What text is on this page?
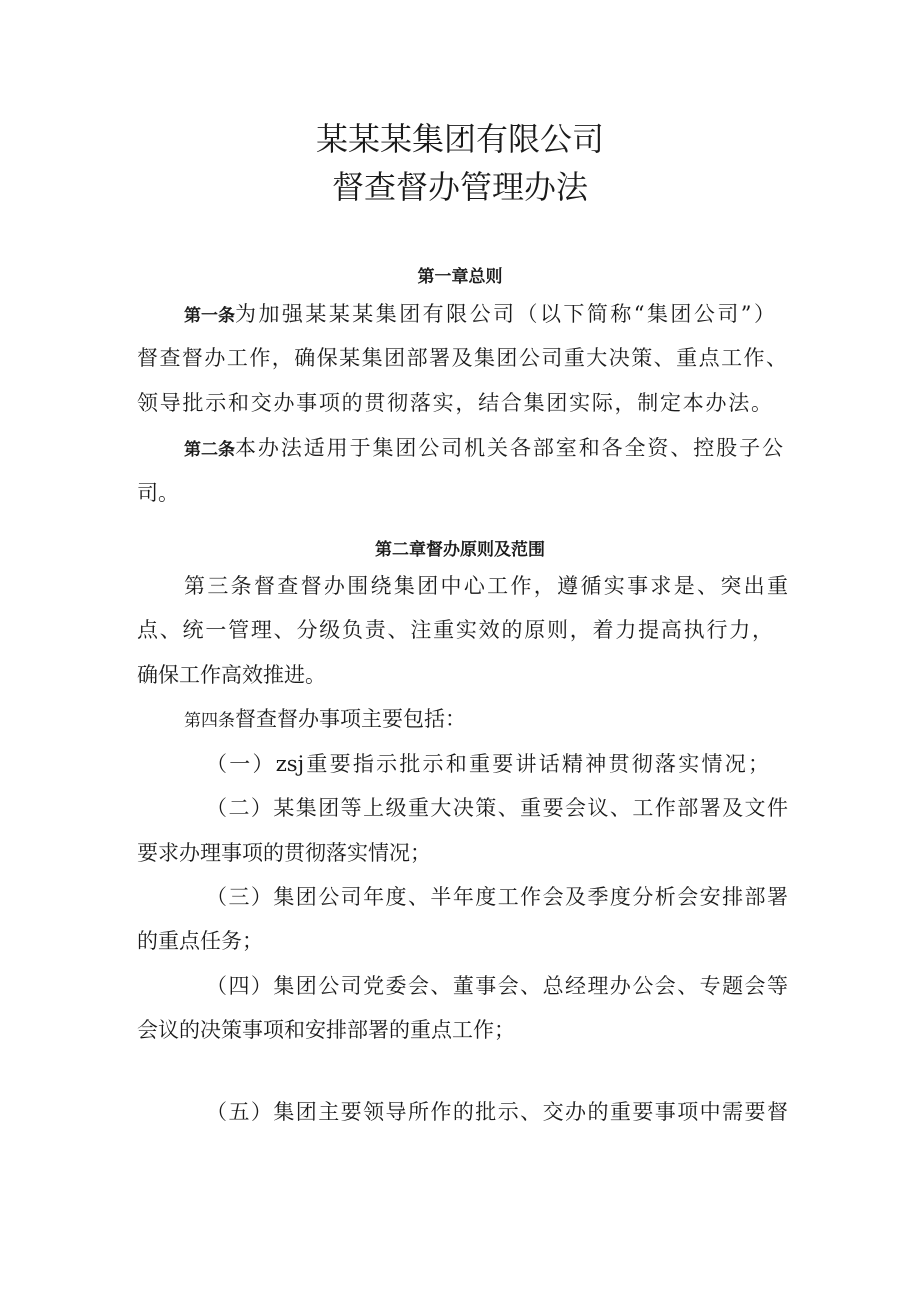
某某某集团有限公司
督查督办管理办法
第一章总则

第一条为加强某某某集团有限公司（以下简称“集团公司”）

督查督办工作，确保某集团部署及集团公司重大决策、重点工作、

领导批示和交办事项的贯彻落实，结合集团实际，制定本办法。

第二条本办法适用于集团公司机关各部室和各全资、控股子公

司。

第二章督办原则及范围

第三条督查督办围绕集团中心工作，遵循实事求是、突出重

点、统一管理、分级负责、注重实效的原则，着力提高执行力，

确保工作高效推进。

第四条督查督办事项主要包括：

（一）zsj重要指示批示和重要讲话精神贯彻落实情况；

（二）某集团等上级重大决策、重要会议、工作部署及文件

要求办理事项的贯彻落实情况；

（三）集团公司年度、半年度工作会及季度分析会安排部署

的重点任务；

（四）集团公司党委会、董事会、总经理办公会、专题会等

会议的决策事项和安排部署的重点工作；

（五）集团主要领导所作的批示、交办的重要事项中需要督
